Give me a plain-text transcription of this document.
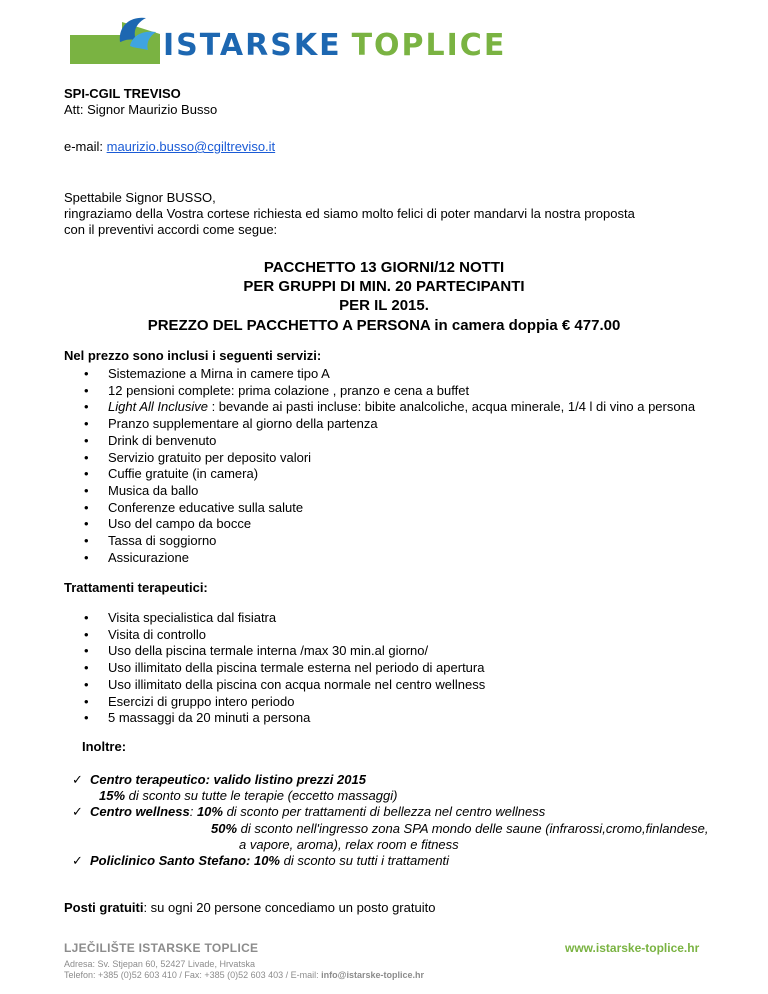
ISTARSKE TOPLICE
SPI-CGIL TREVISO
Att: Signor Maurizio Busso
e-mail: maurizio.busso@cgiltreviso.it
Spettabile Signor BUSSO,
ringraziamo della Vostra cortese richiesta ed siamo molto felici di poter mandarvi la nostra proposta
con il preventivi accordi come segue:
PACCHETTO 13 GIORNI/12 NOTTI
PER GRUPPI DI MIN. 20 PARTECIPANTI
PER IL 2015.
PREZZO DEL PACCHETTO A PERSONA in camera doppia € 477.00
Nel prezzo sono inclusi i seguenti servizi:
• Sistemazione a Mirna in camere tipo A
• 12 pensioni complete: prima colazione , pranzo e cena a buffet
• Light All Inclusive : bevande ai pasti incluse: bibite analcoliche, acqua minerale, 1/4 l di vino a persona
• Pranzo supplementare al giorno della partenza
• Drink di benvenuto
• Servizio gratuito per deposito valori
• Cuffie gratuite (in camera)
• Musica da ballo
• Conferenze educative sulla salute
• Uso del campo da bocce
• Tassa di soggiorno
• Assicurazione
Trattamenti terapeutici:
• Visita specialistica dal fisiatra
• Visita di controllo
• Uso della piscina termale interna /max 30 min.al giorno/
• Uso illimitato della piscina termale esterna nel periodo di apertura
• Uso illimitato della piscina con acqua normale nel centro wellness
• Esercizi di gruppo intero periodo
• 5 massaggi da 20 minuti a persona
Inoltre:
✓ Centro terapeutico: valido listino prezzi 2015
15% di sconto su tutte le terapie (eccetto massaggi)
✓ Centro wellness: 10% di sconto per trattamenti di bellezza nel centro wellness
50% di sconto nell'ingresso zona SPA mondo delle saune (infrarossi,cromo,finlandese,
a vapore, aroma), relax room e fitness
✓ Policlinico Santo Stefano: 10% di sconto su tutti i trattamenti
Posti gratuiti: su ogni 20 persone concediamo un posto gratuito
LJEČILIŠTE ISTARSKE TOPLICE	www.istarske-toplice.hr
Adresa: Sv. Stjepan 60, 52427 Livade, Hrvatska
Telefon: +385 (0)52 603 410 / Fax: +385 (0)52 603 403 / E-mail: info@istarske-toplice.hr
